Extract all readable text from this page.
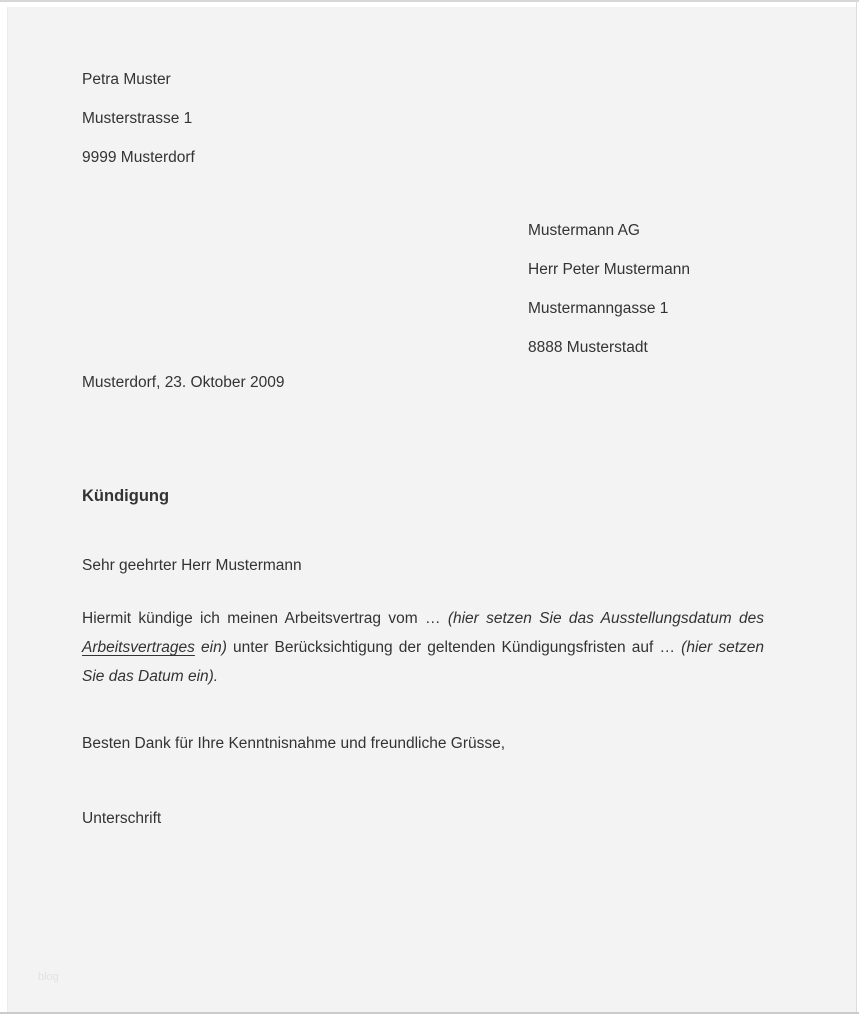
Petra Muster

Musterstrasse 1

9999 Musterdorf

Mustermann AG

Herr Peter Mustermann

Mustermanngasse 1

8888 Musterstadt

Musterdorf, 23. Oktober 2009
Kündigung
Sehr geehrter Herr Mustermann

Hiermit kündige ich meinen Arbeitsvertrag vom … (hier setzen Sie das Ausstellungsdatum des Arbeitsvertrages ein) unter Berücksichtigung der geltenden Kündigungsfristen auf … (hier setzen Sie das Datum ein).

Besten Dank für Ihre Kenntnisnahme und freundliche Grüsse,
Unterschrift
blog
